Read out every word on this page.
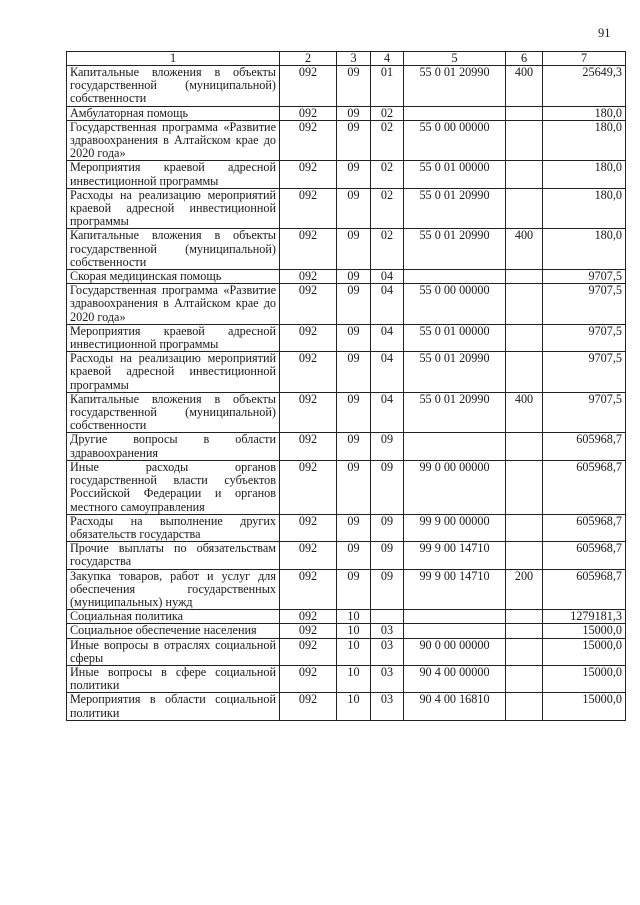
91
1	2	3	4	5	6	7
Капитальные вложения в объекты государственной (муниципальной) собственности	092	09	01	55 0 01 20990	400	25649,3
Амбулаторная помощь	092	09	02			180,0
Государственная программа «Развитие здравоохранения в Алтайском крае до 2020 года»	092	09	02	55 0 00 00000		180,0
Мероприятия краевой адресной инвестиционной программы	092	09	02	55 0 01 00000		180,0
Расходы на реализацию мероприятий краевой адресной инвестиционной программы	092	09	02	55 0 01 20990		180,0
Капитальные вложения в объекты государственной (муниципальной) собственности	092	09	02	55 0 01 20990	400	180,0
Скорая медицинская помощь	092	09	04			9707,5
Государственная программа «Развитие здравоохранения в Алтайском крае до 2020 года»	092	09	04	55 0 00 00000		9707,5
Мероприятия краевой адресной инвестиционной программы	092	09	04	55 0 01 00000		9707,5
Расходы на реализацию мероприятий краевой адресной инвестиционной программы	092	09	04	55 0 01 20990		9707,5
Капитальные вложения в объекты государственной (муниципальной) собственности	092	09	04	55 0 01 20990	400	9707,5
Другие вопросы в области здравоохранения	092	09	09			605968,7
Иные расходы органов государственной власти субъектов Российской Федерации и органов местного самоуправления	092	09	09	99 0 00 00000		605968,7
Расходы на выполнение других обязательств государства	092	09	09	99 9 00 00000		605968,7
Прочие выплаты по обязательствам государства	092	09	09	99 9 00 14710		605968,7
Закупка товаров, работ и услуг для обеспечения государственных (муниципальных) нужд	092	09	09	99 9 00 14710	200	605968,7
Социальная политика	092	10				1279181,3
Социальное обеспечение населения	092	10	03			15000,0
Иные вопросы в отраслях социальной сферы	092	10	03	90 0 00 00000		15000,0
Иные вопросы в сфере социальной политики	092	10	03	90 4 00 00000		15000,0
Мероприятия в области социальной политики	092	10	03	90 4 00 16810		15000,0
